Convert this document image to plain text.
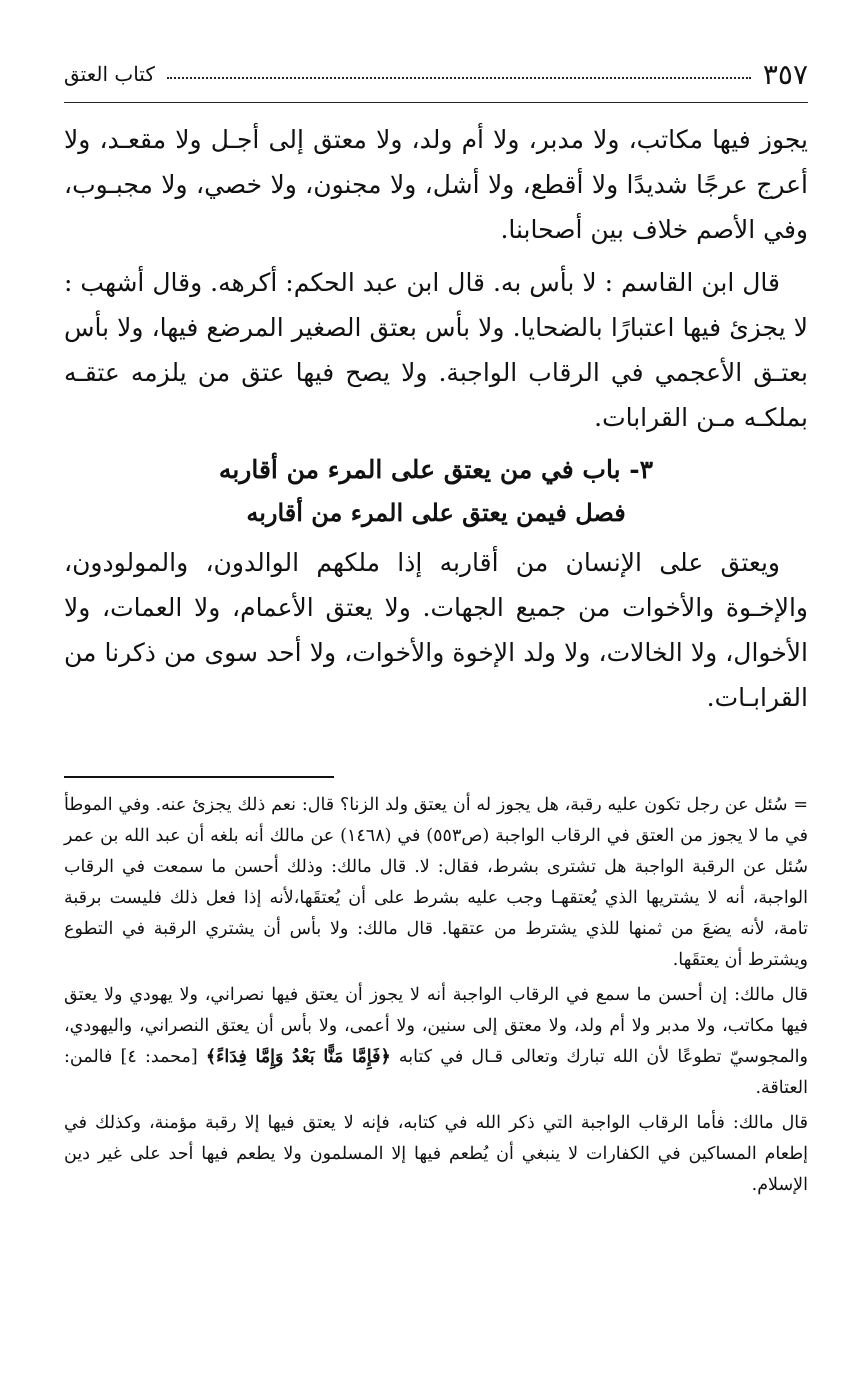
٣٥٧
كتاب العتق

يجوز فيها مكاتب، ولا مدبر، ولا أم ولد، ولا معتق إلى أجـل ولا مقعـد، ولا أعرج عرجًا شديدًا ولا أقطع، ولا أشل، ولا مجنون، ولا خصي، ولا مجبـوب، وفي الأصم خلاف بين أصحابنا.

قال ابن القاسم : لا بأس به. قال ابن عبد الحكم: أكرهه. وقال أشهب : لا يجزئ فيها اعتبارًا بالضحايا. ولا بأس بعتق الصغير المرضع فيها، ولا بأس بعتـق الأعجمي في الرقاب الواجبة. ولا يصح فيها عتق من يلزمه عتقـه بملكـه مـن القرابات.

٣- باب في من يعتق على المرء من أقاربه
فصل فيمن يعتق على المرء من أقاربه

ويعتق على الإنسان من أقاربه إذا ملكهم الوالدون، والمولودون، والإخـوة والأخوات من جميع الجهات. ولا يعتق الأعمام، ولا العمات، ولا الأخوال، ولا الخالات، ولا ولد الإخوة والأخوات، ولا أحد سوى من ذكرنا من القرابـات.

= سُئل عن رجل تكون عليه رقبة، هل يجوز له أن يعتق ولد الزنا؟ قال: نعم ذلك يجزئ عنه. وفي الموطأ في ما لا يجوز من العتق في الرقاب الواجبة (ص٥٥٣) في (١٤٦٨) عن مالك أنه بلغه أن عبد الله بن عمر سُئل عن الرقبة الواجبة هل تشترى بشرط، فقال: لا. قال مالك: وذلك أحسن ما سمعت في الرقاب الواجبة، أنه لا يشتريها الذي يُعتقهـا وجب عليه بشرط على أن يُعتقَها،لأنه إذا فعل ذلك فليست برقبة تامة، لأنه يضعَ من ثمنها للذي يشترط من عتقها. قال مالك: ولا بأس أن يشتري الرقبة في التطوع ويشترط أن يعتقَها.

قال مالك: إن أحسن ما سمع في الرقاب الواجبة أنه لا يجوز أن يعتق فيها نصراني، ولا يهودي ولا يعتق فيها مكاتب، ولا مدبر ولا أم ولد، ولا معتق إلى سنين، ولا أعمى، ولا بأس أن يعتق النصراني، واليهودي، والمجوسيّ تطوعًا لأن الله تبارك وتعالى قـال في كتابه ﴿فَإِمَّا مَنًّا بَعْدُ وَإِمَّا فِدَاءً﴾ [محمد: ٤] فالمن: العتاقة.

قال مالك: فأما الرقاب الواجبة التي ذكر الله في كتابه، فإنه لا يعتق فيها إلا رقبة مؤمنة، وكذلك في إطعام المساكين في الكفارات لا ينبغي أن يُطعم فيها إلا المسلمون ولا يطعم فيها أحد على غير دين الإسلام.
